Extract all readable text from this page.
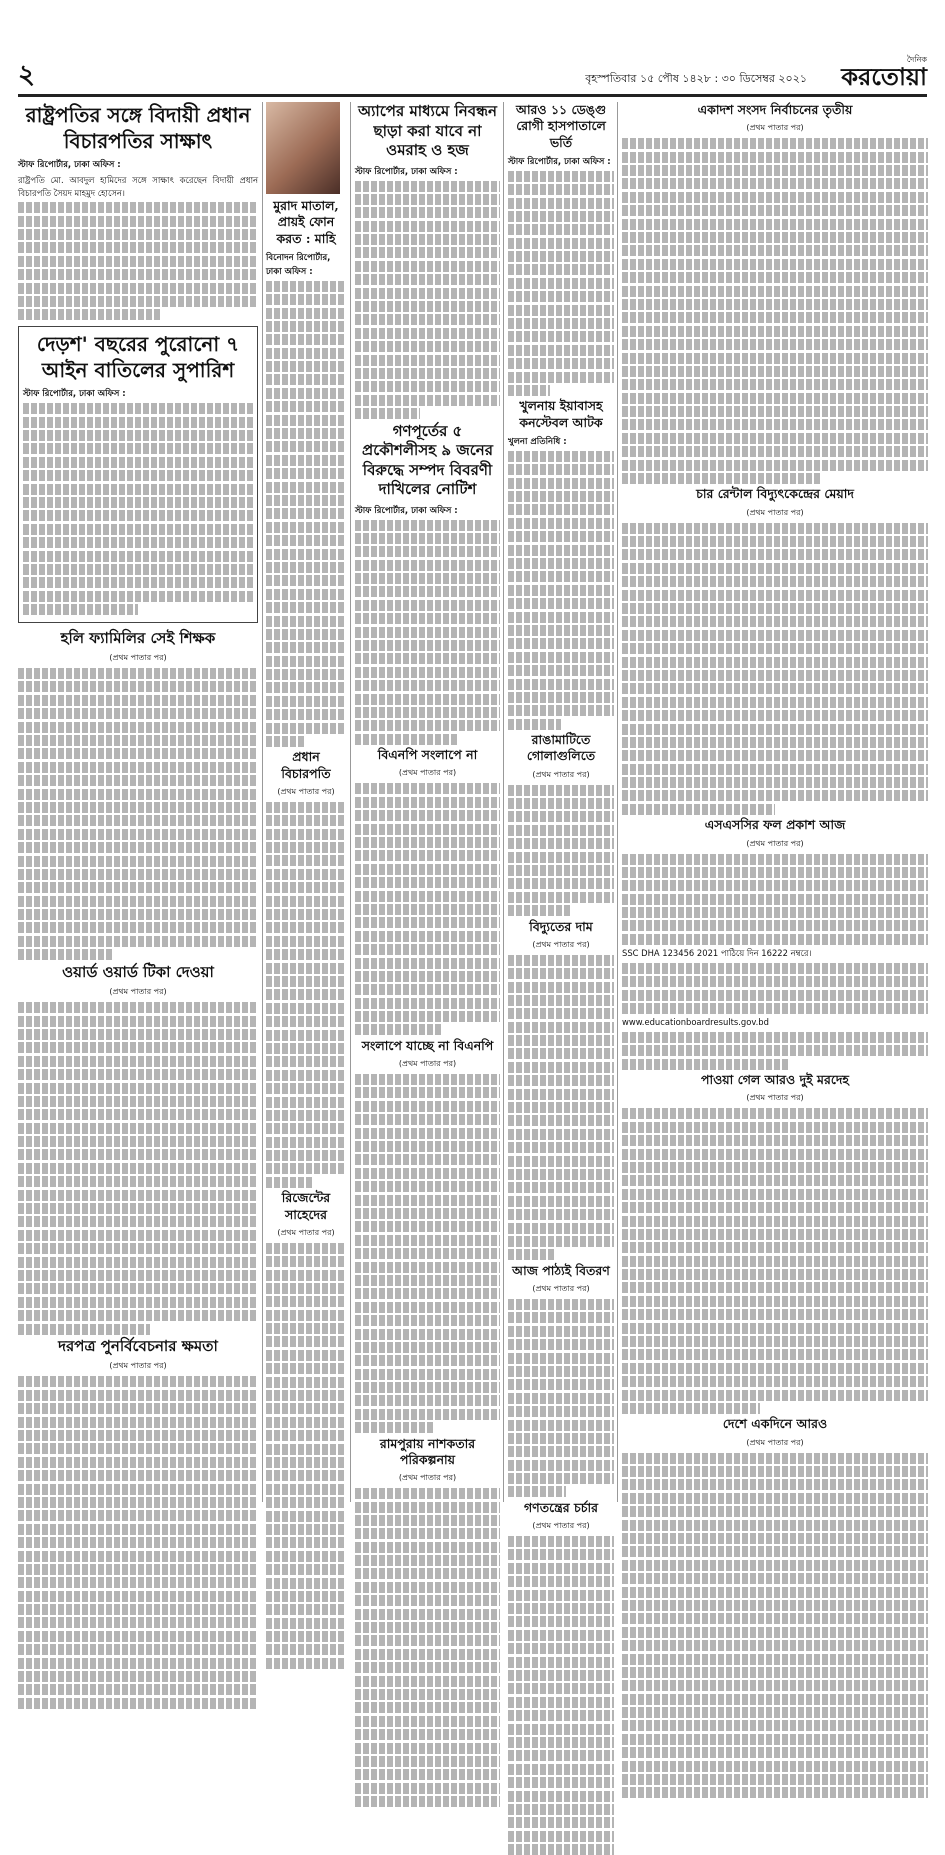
২	বৃহস্পতিবার ১৫ পৌষ ১৪২৮ : ৩০ ডিসেম্বর ২০২১
দৈনিক
করতোয়া
রাষ্ট্রপতির সঙ্গে বিদায়ী প্রধান বিচারপতির সাক্ষাৎ
স্টাফ রিপোর্টার, ঢাকা অফিস :
রাষ্ট্রপতি মো. আবদুল হামিদের সঙ্গে সাক্ষাৎ করেছেন বিদায়ী প্রধান বিচারপতি সৈয়দ মাহমুদ হোসেন।
দেড়শ' বছরের পুরোনো ৭ আইন বাতিলের সুপারিশ
স্টাফ রিপোর্টার, ঢাকা অফিস :
হলি ফ্যামিলির সেই শিক্ষক
(প্রথম পাতার পর)
ওয়ার্ড ওয়ার্ড টিকা দেওয়া
(প্রথম পাতার পর)
দরপত্র পুনর্বিবেচনার ক্ষমতা
(প্রথম পাতার পর)
মুরাদ মাতাল, প্রায়ই ফোন করত : মাহি
বিনোদন রিপোর্টার, ঢাকা অফিস :
প্রধান বিচারপতি
(প্রথম পাতার পর)
রিজেন্টের সাহেদের
(প্রথম পাতার পর)
অ্যাপের মাধ্যমে নিবন্ধন ছাড়া করা যাবে না ওমরাহ ও হজ
স্টাফ রিপোর্টার, ঢাকা অফিস :
গণপূর্তের ৫ প্রকৌশলীসহ ৯ জনের বিরুদ্ধে সম্পদ বিবরণী দাখিলের নোটিশ
স্টাফ রিপোর্টার, ঢাকা অফিস :
বিএনপি সংলাপে না
(প্রথম পাতার পর)
সংলাপে যাচ্ছে না বিএনপি
(প্রথম পাতার পর)
রামপুরায় নাশকতার পরিকল্পনায়
(প্রথম পাতার পর)
আরও ১১ ডেঙ্গু রোগী হাসপাতালে ভর্তি
স্টাফ রিপোর্টার, ঢাকা অফিস :
খুলনায় ইয়াবাসহ কনস্টেবল আটক
খুলনা প্রতিনিধি :
রাঙামাটিতে গোলাগুলিতে
(প্রথম পাতার পর)
বিদ্যুতের দাম
(প্রথম পাতার পর)
আজ পাঠ্যই বিতরণ
(প্রথম পাতার পর)
গণতন্ত্রের চর্চার
(প্রথম পাতার পর)
একাদশ সংসদ নির্বাচনের তৃতীয়
(প্রথম পাতার পর)
চার রেন্টাল বিদ্যুৎকেন্দ্রের মেয়াদ
(প্রথম পাতার পর)
এসএসসির ফল প্রকাশ আজ
(প্রথম পাতার পর)
SSC DHA 123456 2021 পাঠিয়ে দিন 16222 নম্বরে।
www.educationboardresults.gov.bd
পাওয়া গেল আরও দুই মরদেহ
(প্রথম পাতার পর)
দেশে একদিনে আরও
(প্রথম পাতার পর)
